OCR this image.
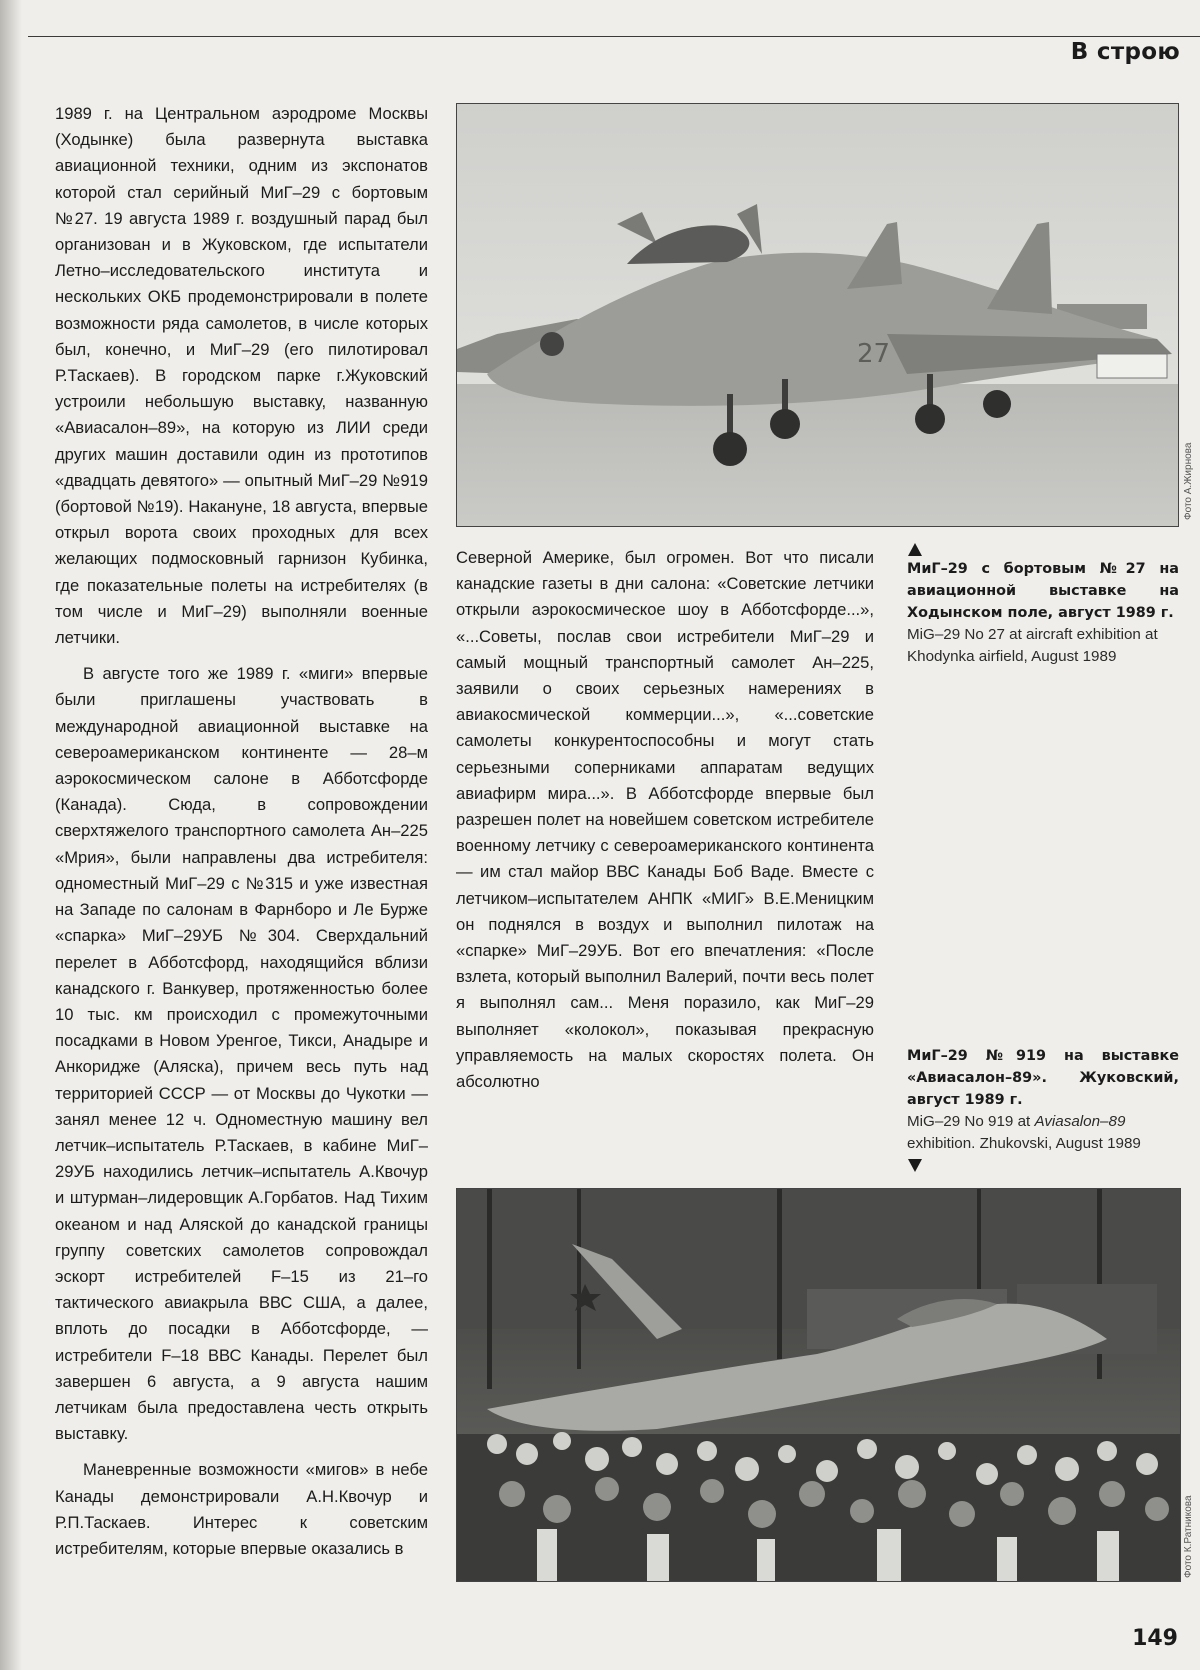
В строю

1989 г. на Центральном аэродроме Москвы (Ходынке) была развернута выставка авиационной техники, одним из экспонатов которой стал серийный МиГ–29 с бортовым №27. 19 августа 1989 г. воздушный парад был организован и в Жуковском, где испытатели Летно–исследовательского института и нескольких ОКБ продемонстрировали в полете возможности ряда самолетов, в числе которых был, конечно, и МиГ–29 (его пилотировал Р.Таскаев). В городском парке г.Жуковский устроили небольшую выставку, названную «Авиасалон–89», на которую из ЛИИ среди других машин доставили один из прототипов «двадцать девятого» — опытный МиГ–29 №919 (бортовой №19). Накануне, 18 августа, впервые открыл ворота своих проходных для всех желающих подмосковный гарнизон Кубинка, где показательные полеты на истребителях (в том числе и МиГ–29) выполняли военные летчики.

В августе того же 1989 г. «миги» впервые были приглашены участвовать в международной авиационной выставке на североамериканском континенте — 28–м аэрокосмическом салоне в Абботсфорде (Канада). Сюда, в сопровождении сверхтяжелого транспортного самолета Ан–225 «Мрия», были направлены два истребителя: одноместный МиГ–29 с №315 и уже известная на Западе по салонам в Фарнборо и Ле Бурже «спарка» МиГ–29УБ №304. Сверхдальний перелет в Абботсфорд, находящийся вблизи канадского г. Ванкувер, протяженностью более 10 тыс. км происходил с промежуточными посадками в Новом Уренгое, Тикси, Анадыре и Анкоридже (Аляска), причем весь путь над территорией СССР — от Москвы до Чукотки — занял менее 12 ч. Одноместную машину вел летчик–испытатель Р.Таскаев, в кабине МиГ–29УБ находились летчик–испытатель А.Квочур и штурман–лидеровщик А.Горбатов. Над Тихим океаном и над Аляской до канадской границы группу советских самолетов сопровождал эскорт истребителей F–15 из 21–го тактического авиакрыла ВВС США, а далее, вплоть до посадки в Абботсфорде, — истребители F–18 ВВС Канады. Перелет был завершен 6 августа, а 9 августа нашим летчикам была предоставлена честь открыть выставку.

Маневренные возможности «мигов» в небе Канады демонстрировали А.Н.Квочур и Р.П.Таскаев. Интерес к советским истребителям, которые впервые оказались в

27
Фото А.Жирнова
МиГ–29 с бортовым №27 на авиационной выставке на Ходынском поле, август 1989 г.
MiG–29 No 27 at aircraft exhibition at Khodynka airfield, August 1989

Северной Америке, был огромен. Вот что писали канадские газеты в дни салона: «Советские летчики открыли аэрокосмическое шоу в Абботсфорде...», «...Советы, послав свои истребители МиГ–29 и самый мощный транспортный самолет Ан–225, заявили о своих серьезных намерениях в авиакосмической коммерции...», «...советские самолеты конкурентоспособны и могут стать серьезными соперниками аппаратам ведущих авиафирм мира...». В Абботсфорде впервые был разрешен полет на новейшем советском истребителе военному летчику с североамериканского континента — им стал майор ВВС Канады Боб Ваде. Вместе с летчиком–испытателем АНПК «МИГ» В.Е.Меницким он поднялся в воздух и выполнил пилотаж на «спарке» МиГ–29УБ. Вот его впечатления: «После взлета, который выполнил Валерий, почти весь полет я выполнял сам... Меня поразило, как МиГ–29 выполняет «колокол», показывая прекрасную управляемость на малых скоростях полета. Он абсолютно

МиГ–29 №919 на выставке «Авиасалон–89». Жуковский, август 1989 г.
MiG–29 No 919 at Aviasalon–89 exhibition. Zhukovski, August 1989
Фото К.Ратникова
149
